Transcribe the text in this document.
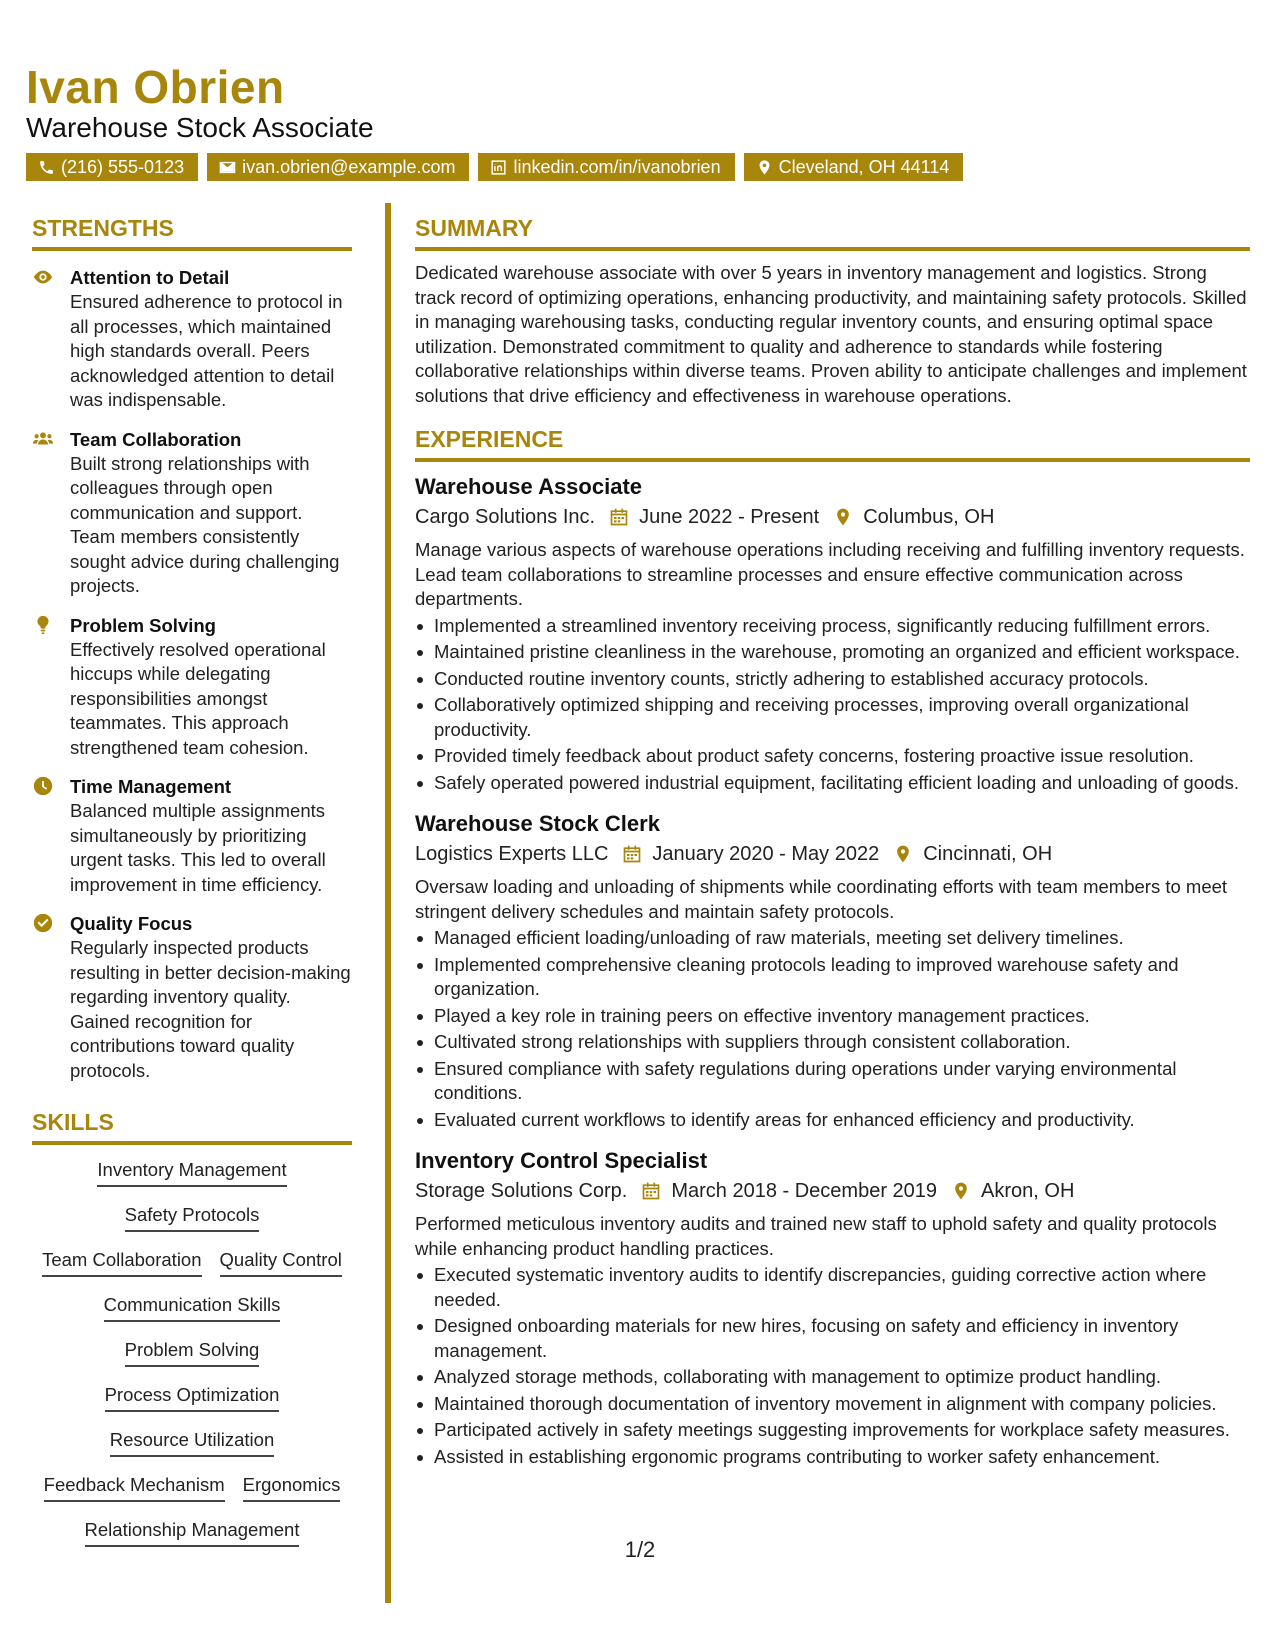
Ivan Obrien
Warehouse Stock Associate
(216) 555-0123	ivan.obrien@example.com	linkedin.com/in/ivanobrien	Cleveland, OH 44114
STRENGTHS
Attention to Detail
Ensured adherence to protocol in all processes, which maintained high standards overall. Peers acknowledged attention to detail was indispensable.
Team Collaboration
Built strong relationships with colleagues through open communication and support. Team members consistently sought advice during challenging projects.
Problem Solving
Effectively resolved operational hiccups while delegating responsibilities amongst teammates. This approach strengthened team cohesion.
Time Management
Balanced multiple assignments simultaneously by prioritizing urgent tasks. This led to overall improvement in time efficiency.
Quality Focus
Regularly inspected products resulting in better decision-making regarding inventory quality. Gained recognition for contributions toward quality protocols.
SKILLS
Inventory Management
Safety Protocols
Team Collaboration Quality Control
Communication Skills
Problem Solving
Process Optimization
Resource Utilization
Feedback Mechanism Ergonomics
Relationship Management
SUMMARY

Dedicated warehouse associate with over 5 years in inventory management and logistics. Strong track record of optimizing operations, enhancing productivity, and maintaining safety protocols. Skilled in managing warehousing tasks, conducting regular inventory counts, and ensuring optimal space utilization. Demonstrated commitment to quality and adherence to standards while fostering collaborative relationships within diverse teams. Proven ability to anticipate challenges and implement solutions that drive efficiency and effectiveness in warehouse operations.

EXPERIENCE
Warehouse Associate
Cargo Solutions Inc. June 2022 - Present Columbus, OH

Manage various aspects of warehouse operations including receiving and fulfilling inventory requests. Lead team collaborations to streamline processes and ensure effective communication across departments.

Implemented a streamlined inventory receiving process, significantly reducing fulfillment errors.
Maintained pristine cleanliness in the warehouse, promoting an organized and efficient workspace.
Conducted routine inventory counts, strictly adhering to established accuracy protocols.
Collaboratively optimized shipping and receiving processes, improving overall organizational productivity.
Provided timely feedback about product safety concerns, fostering proactive issue resolution.
Safely operated powered industrial equipment, facilitating efficient loading and unloading of goods.
Warehouse Stock Clerk
Logistics Experts LLC January 2020 - May 2022 Cincinnati, OH

Oversaw loading and unloading of shipments while coordinating efforts with team members to meet stringent delivery schedules and maintain safety protocols.

Managed efficient loading/unloading of raw materials, meeting set delivery timelines.
Implemented comprehensive cleaning protocols leading to improved warehouse safety and organization.
Played a key role in training peers on effective inventory management practices.
Cultivated strong relationships with suppliers through consistent collaboration.
Ensured compliance with safety regulations during operations under varying environmental conditions.
Evaluated current workflows to identify areas for enhanced efficiency and productivity.
Inventory Control Specialist
Storage Solutions Corp. March 2018 - December 2019 Akron, OH

Performed meticulous inventory audits and trained new staff to uphold safety and quality protocols while enhancing product handling practices.

Executed systematic inventory audits to identify discrepancies, guiding corrective action where needed.
Designed onboarding materials for new hires, focusing on safety and efficiency in inventory management.
Analyzed storage methods, collaborating with management to optimize product handling.
Maintained thorough documentation of inventory movement in alignment with company policies.
Participated actively in safety meetings suggesting improvements for workplace safety measures.
Assisted in establishing ergonomic programs contributing to worker safety enhancement.
1/2
